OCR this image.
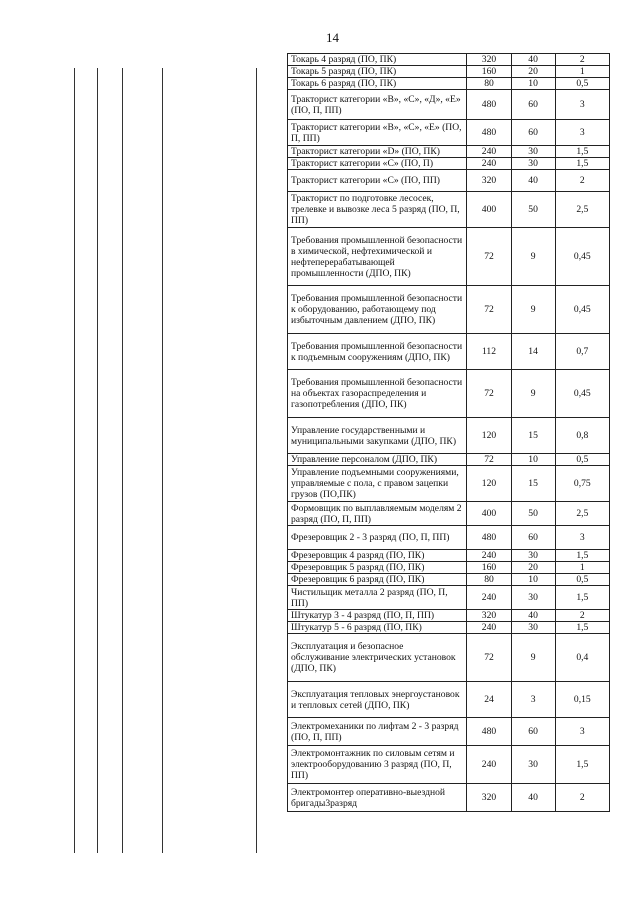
14
Токарь 4 разряд (ПО, ПК)	320	40	2
Токарь 5 разряд (ПО, ПК)	160	20	1
Токарь 6 разряд (ПО, ПК)	80	10	0,5
Тракторист категории «В», «С», «Д», «Е» (ПО, П, ПП)	480	60	3
Тракторист категории «В», «С», «Е» (ПО, П, ПП)	480	60	3
Тракторист категории «D» (ПО, ПК)	240	30	1,5
Тракторист категории «С» (ПО, П)	240	30	1,5
Тракторист категории «С» (ПО, ПП)	320	40	2
Тракторист по подготовке лесосек, трелевке и вывозке леса 5 разряд (ПО, П, ПП)	400	50	2,5
Требования промышленной безопасности в химической, нефтехимической и нефтеперерабатывающей промышленности (ДПО, ПК)	72	9	0,45
Требования промышленной безопасности к оборудованию, работающему под избыточным давлением (ДПО, ПК)	72	9	0,45
Требования промышленной безопасности к подъемным сооружениям (ДПО, ПК)	112	14	0,7
Требования промышленной безопасности на объектах газораспределения и газопотребления (ДПО, ПК)	72	9	0,45
Управление государственными и муниципальными закупками (ДПО, ПК)	120	15	0,8
Управление персоналом (ДПО, ПК)	72	10	0,5
Управление подъемными сооружениями, управляемые с пола, с правом зацепки грузов (ПО,ПК)	120	15	0,75
Формовщик по выплавляемым моделям 2 разряд (ПО, П, ПП)	400	50	2,5
Фрезеровщик 2 - 3 разряд (ПО, П, ПП)	480	60	3
Фрезеровщик 4 разряд (ПО, ПК)	240	30	1,5
Фрезеровщик 5 разряд (ПО, ПК)	160	20	1
Фрезеровщик 6 разряд (ПО, ПК)	80	10	0,5
Чистильщик металла 2 разряд (ПО, П, ПП)	240	30	1,5
Штукатур 3 - 4 разряд (ПО, П, ПП)	320	40	2
Штукатур 5 - 6 разряд (ПО, ПК)	240	30	1,5
Эксплуатация и безопасное обслуживание электрических установок (ДПО, ПК)	72	9	0,4
Эксплуатация тепловых энергоустановок и тепловых сетей (ДПО, ПК)	24	3	0,15
Электромеханики по лифтам 2 - 3 разряд (ПО, П, ПП)	480	60	3
Электромонтажник по силовым сетям и электрооборудованию 3 разряд (ПО, П, ПП)	240	30	1,5
Электромонтер оперативно-выездной бригады3разряд	320	40	2
